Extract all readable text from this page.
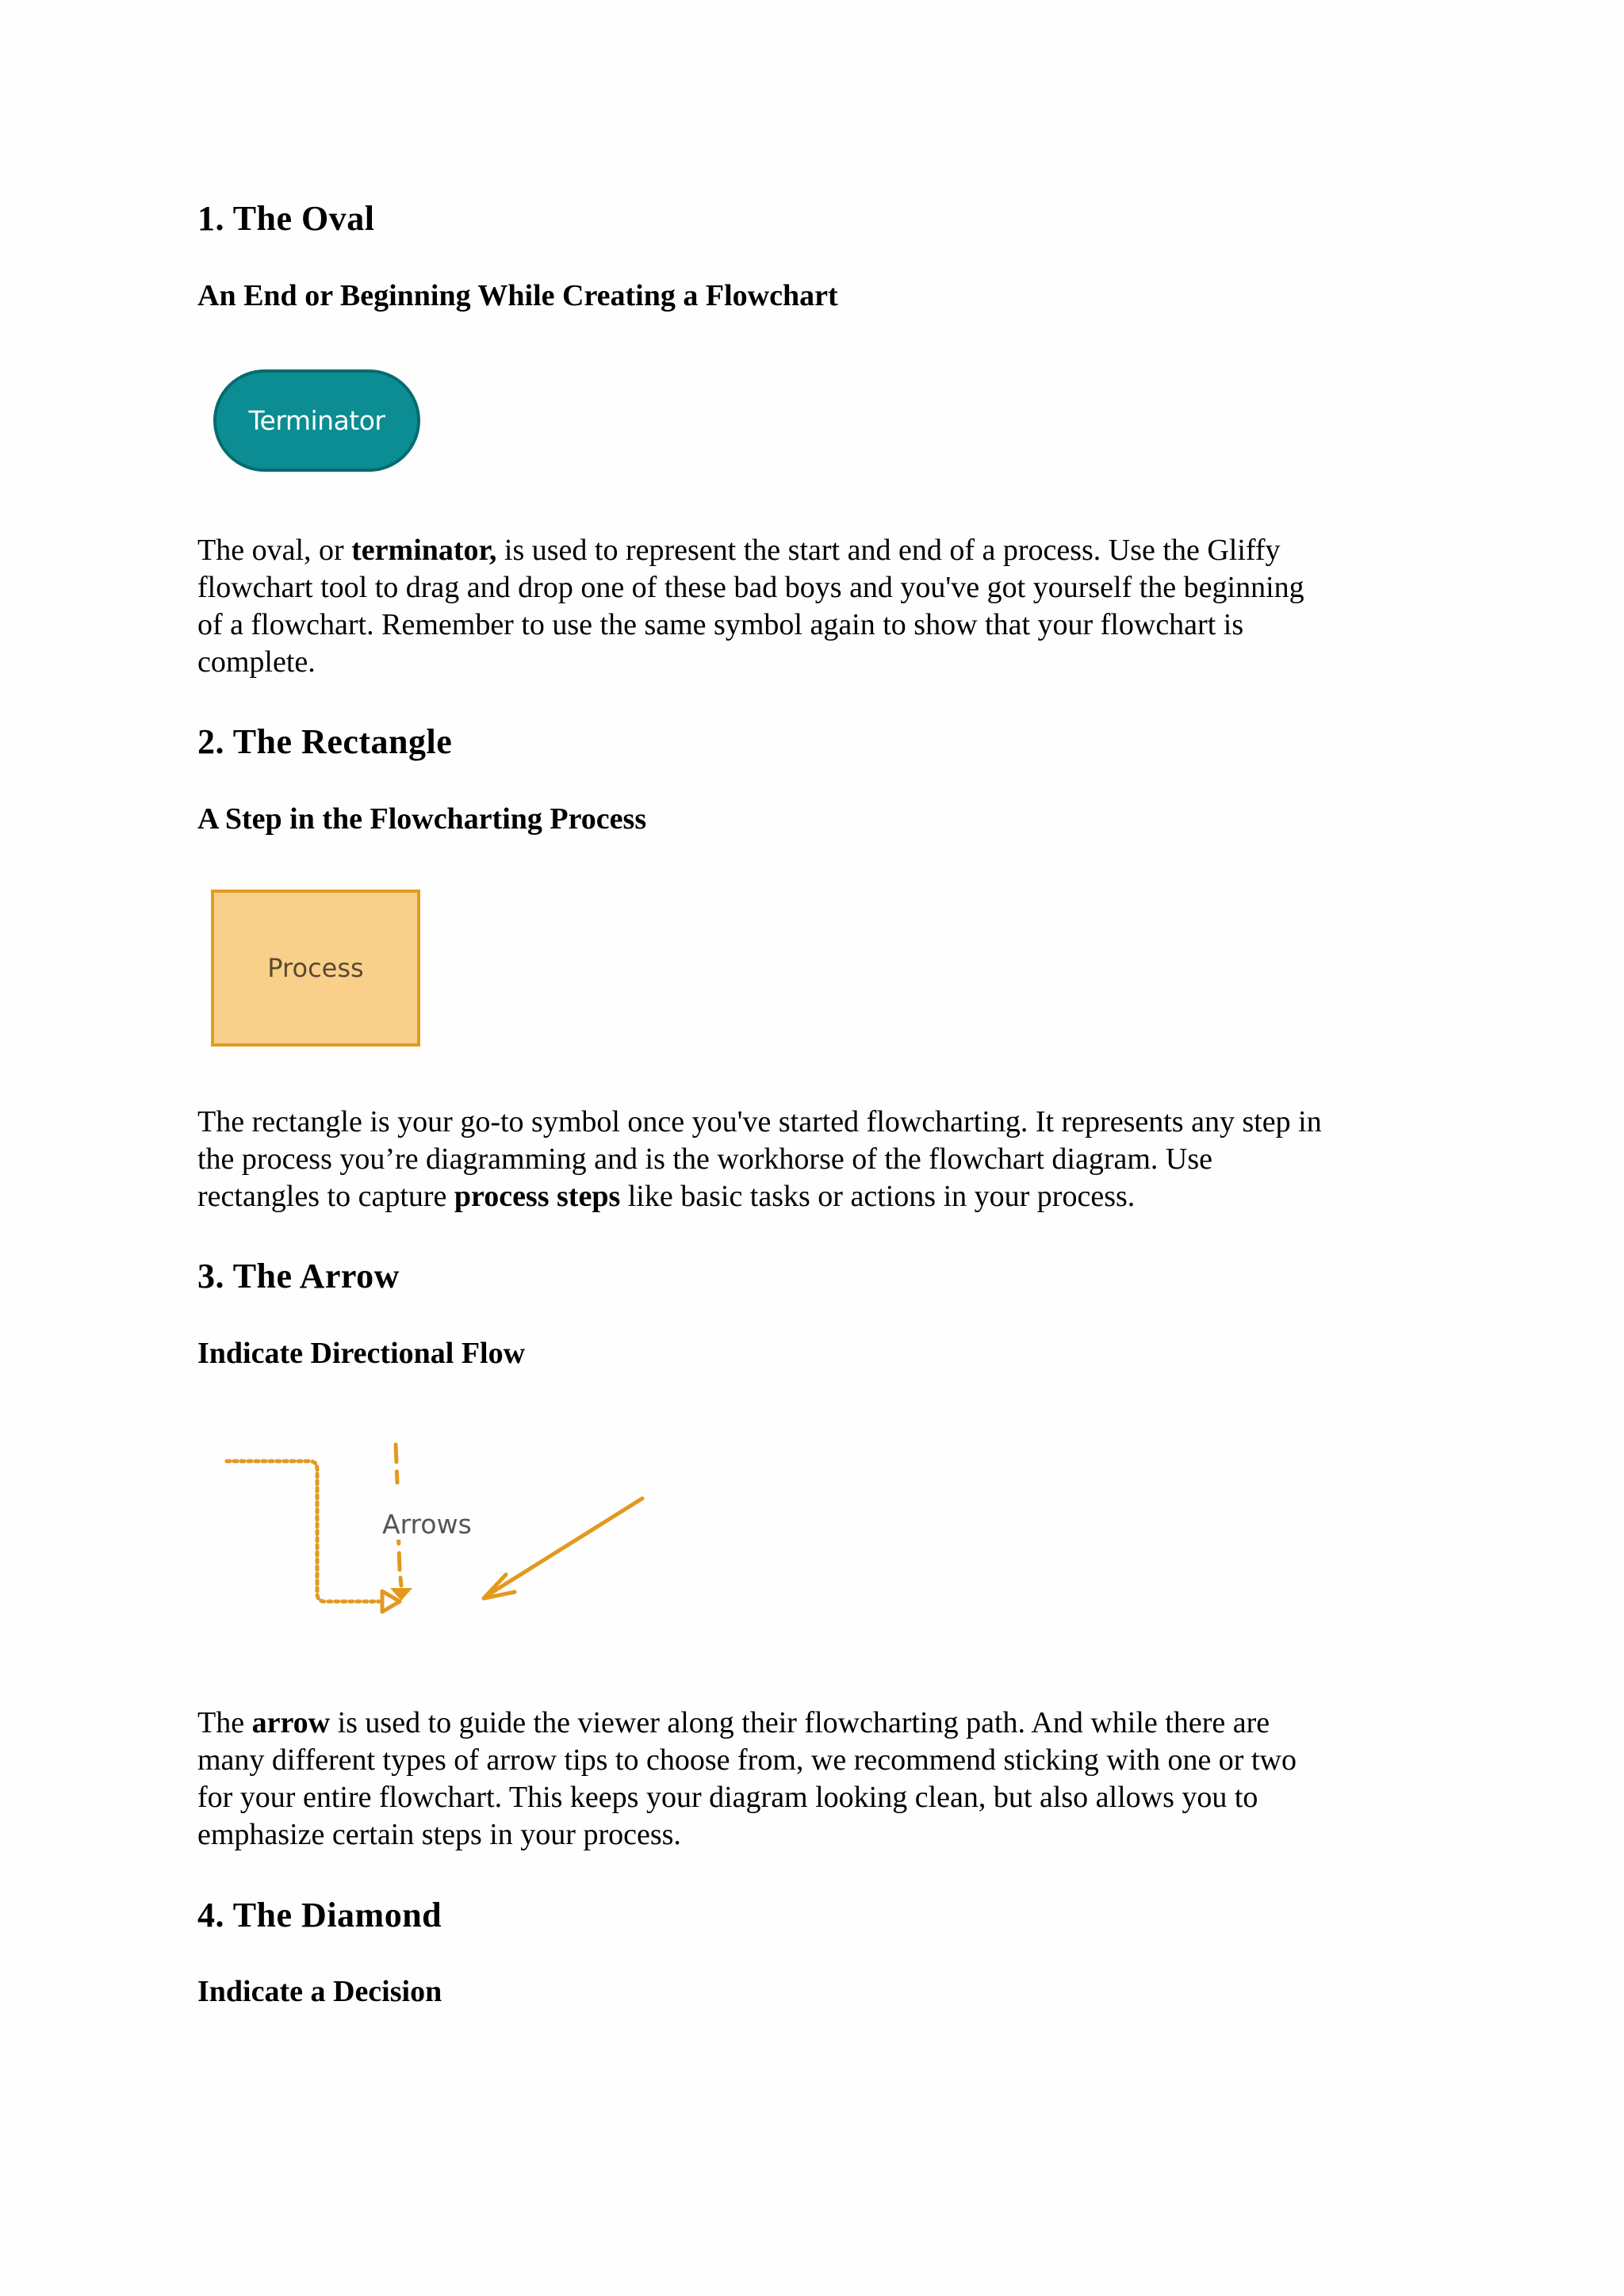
1. The Oval
An End or Beginning While Creating a Flowchart
Terminator
The oval, or terminator, is used to represent the start and end of a process. Use the Gliffy
flowchart tool to drag and drop one of these bad boys and you've got yourself the beginning
of a flowchart. Remember to use the same symbol again to show that your flowchart is
complete.
2. The Rectangle
A Step in the Flowcharting Process
Process
The rectangle is your go-to symbol once you've started flowcharting. It represents any step in
the process you’re diagramming and is the workhorse of the flowchart diagram. Use
rectangles to capture process steps like basic tasks or actions in your process.
3. The Arrow
Indicate Directional Flow
Arrows
The arrow is used to guide the viewer along their flowcharting path. And while there are
many different types of arrow tips to choose from, we recommend sticking with one or two
for your entire flowchart. This keeps your diagram looking clean, but also allows you to
emphasize certain steps in your process.
4. The Diamond
Indicate a Decision
